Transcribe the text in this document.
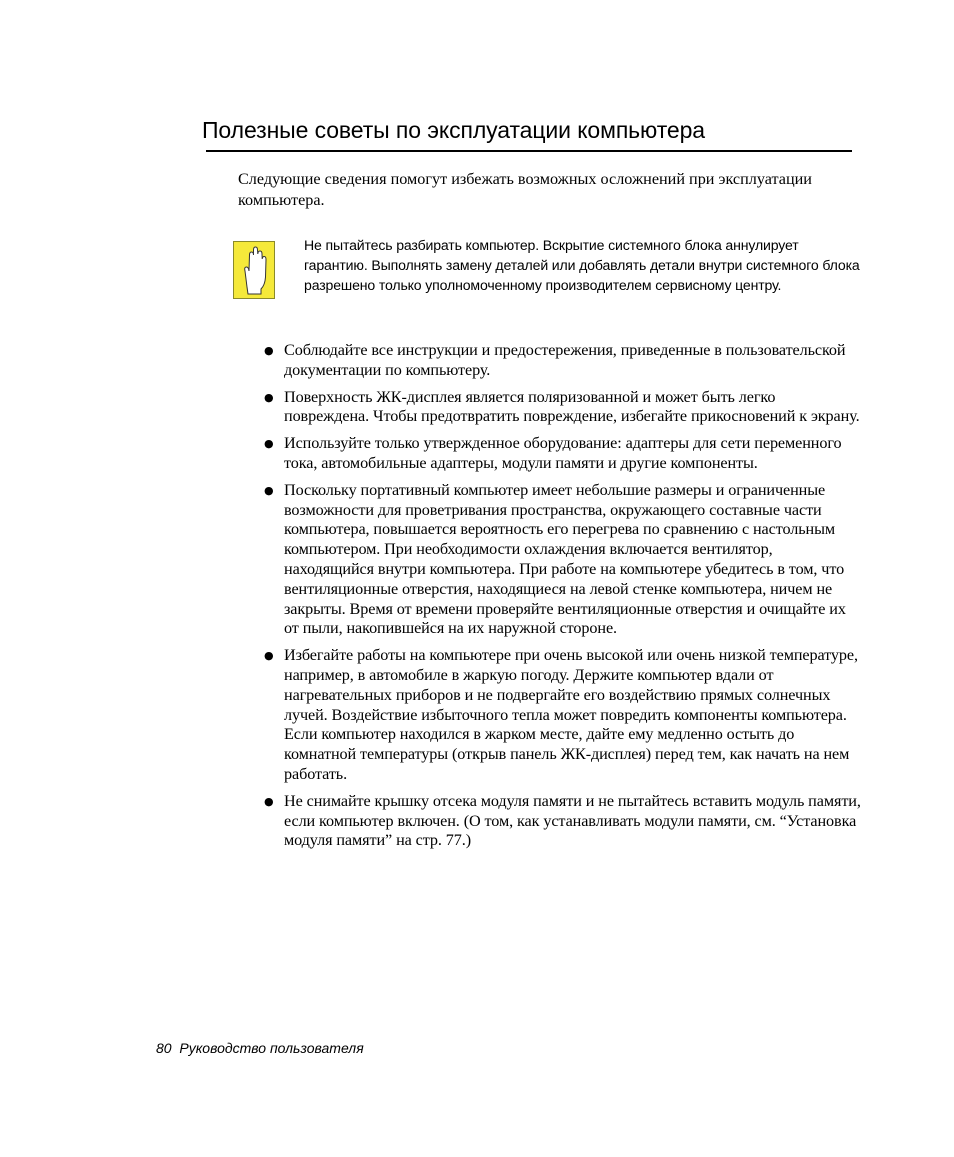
Полезные советы по эксплуатации компьютера

Следующие сведения помогут избежать возможных осложнений при эксплуатации компьютера.

Не пытайтесь разбирать компьютер. Вскрытие системного блока аннулирует гарантию. Выполнять замену деталей или добавлять детали внутри системного блока разрешено только уполномоченному производителем сервисному центру.
● Соблюдайте все инструкции и предостережения, приведенные в пользовательской документации по компьютеру.
● Поверхность ЖК-дисплея является поляризованной и может быть легко повреждена. Чтобы предотвратить повреждение, избегайте прикосновений к экрану.
● Используйте только утвержденное оборудование: адаптеры для сети переменного тока, автомобильные адаптеры, модули памяти и другие компоненты.
● Поскольку портативный компьютер имеет небольшие размеры и ограниченные возможности для проветривания пространства, окружающего составные части компьютера, повышается вероятность его перегрева по сравнению с настольным компьютером. При необходимости охлаждения включается вентилятор, находящийся внутри компьютера. При работе на компьютере убедитесь в том, что вентиляционные отверстия, находящиеся на левой стенке компьютера, ничем не закрыты. Время от времени проверяйте вентиляционные отверстия и очищайте их от пыли, накопившейся на их наружной стороне.
● Избегайте работы на компьютере при очень высокой или очень низкой температуре, например, в автомобиле в жаркую погоду. Держите компьютер вдали от нагревательных приборов и не подвергайте его воздействию прямых солнечных лучей. Воздействие избыточного тепла может повредить компоненты компьютера. Если компьютер находился в жарком месте, дайте ему медленно остыть до комнатной температуры (открыв панель ЖК-дисплея) перед тем, как начать на нем работать.
● Не снимайте крышку отсека модуля памяти и не пытайтесь вставить модуль памяти, если компьютер включен. (О том, как устанавливать модули памяти, см. “Установка модуля памяти” на стр. 77.)
80  Руководство пользователя
